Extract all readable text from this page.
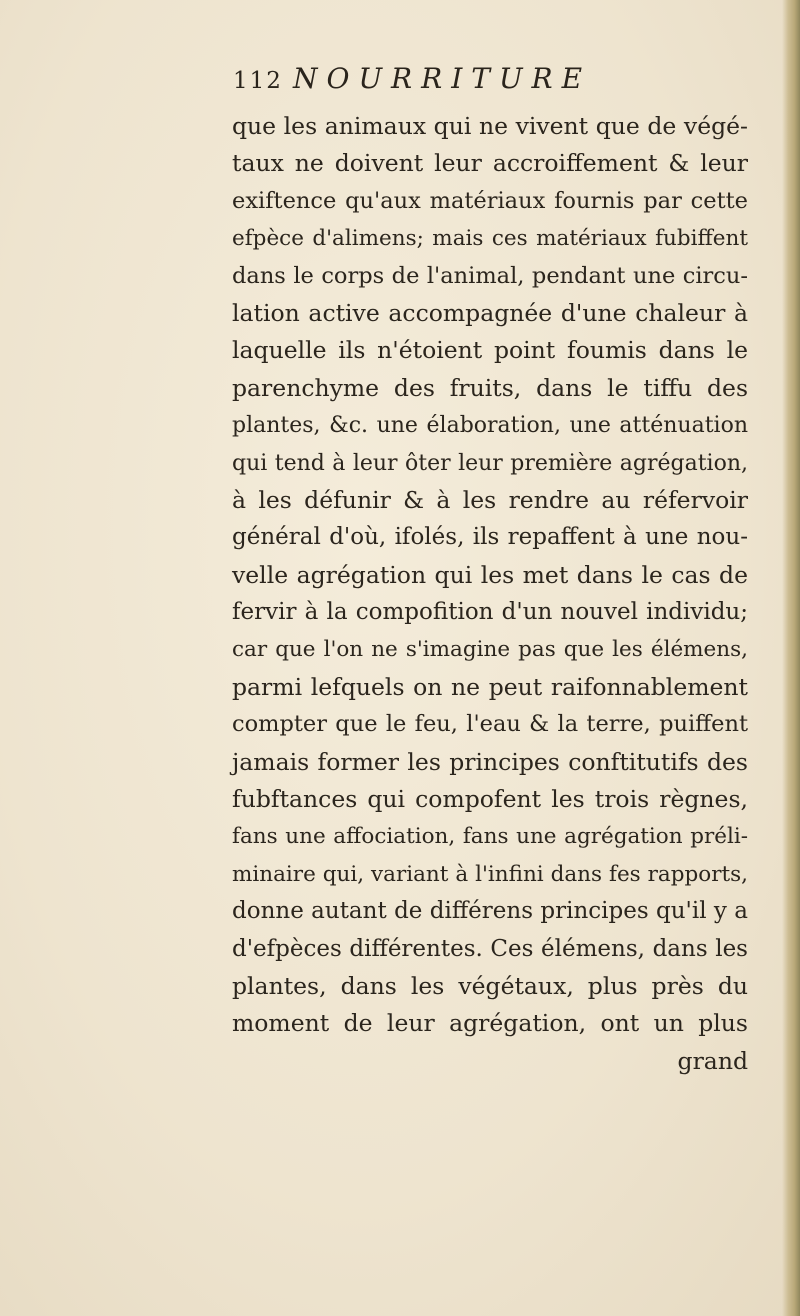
112 NOURRITURE
que les animaux qui ne vivent que de végé-
taux ne doivent leur accroiffement & leur
exiftence qu'aux matériaux fournis par cette
efpèce d'alimens; mais ces matériaux fubiffent
dans le corps de l'animal, pendant une circu-
lation active accompagnée d'une chaleur à
laquelle ils n'étoient point foumis dans le
parenchyme des fruits, dans le tiffu des
plantes, &c. une élaboration, une atténuation
qui tend à leur ôter leur première agrégation,
à les défunir & à les rendre au réfervoir
général d'où, ifolés, ils repaffent à une nou-
velle agrégation qui les met dans le cas de
fervir à la compofition d'un nouvel individu;
car que l'on ne s'imagine pas que les élémens,
parmi lefquels on ne peut raifonnablement
compter que le feu, l'eau & la terre, puiffent
jamais former les principes conftitutifs des
fubftances qui compofent les trois règnes,
fans une affociation, fans une agrégation préli-
minaire qui, variant à l'infini dans fes rapports,
donne autant de différens principes qu'il y a
d'efpèces différentes. Ces élémens, dans les
plantes, dans les végétaux, plus près du
moment de leur agrégation, ont un plus
grand
